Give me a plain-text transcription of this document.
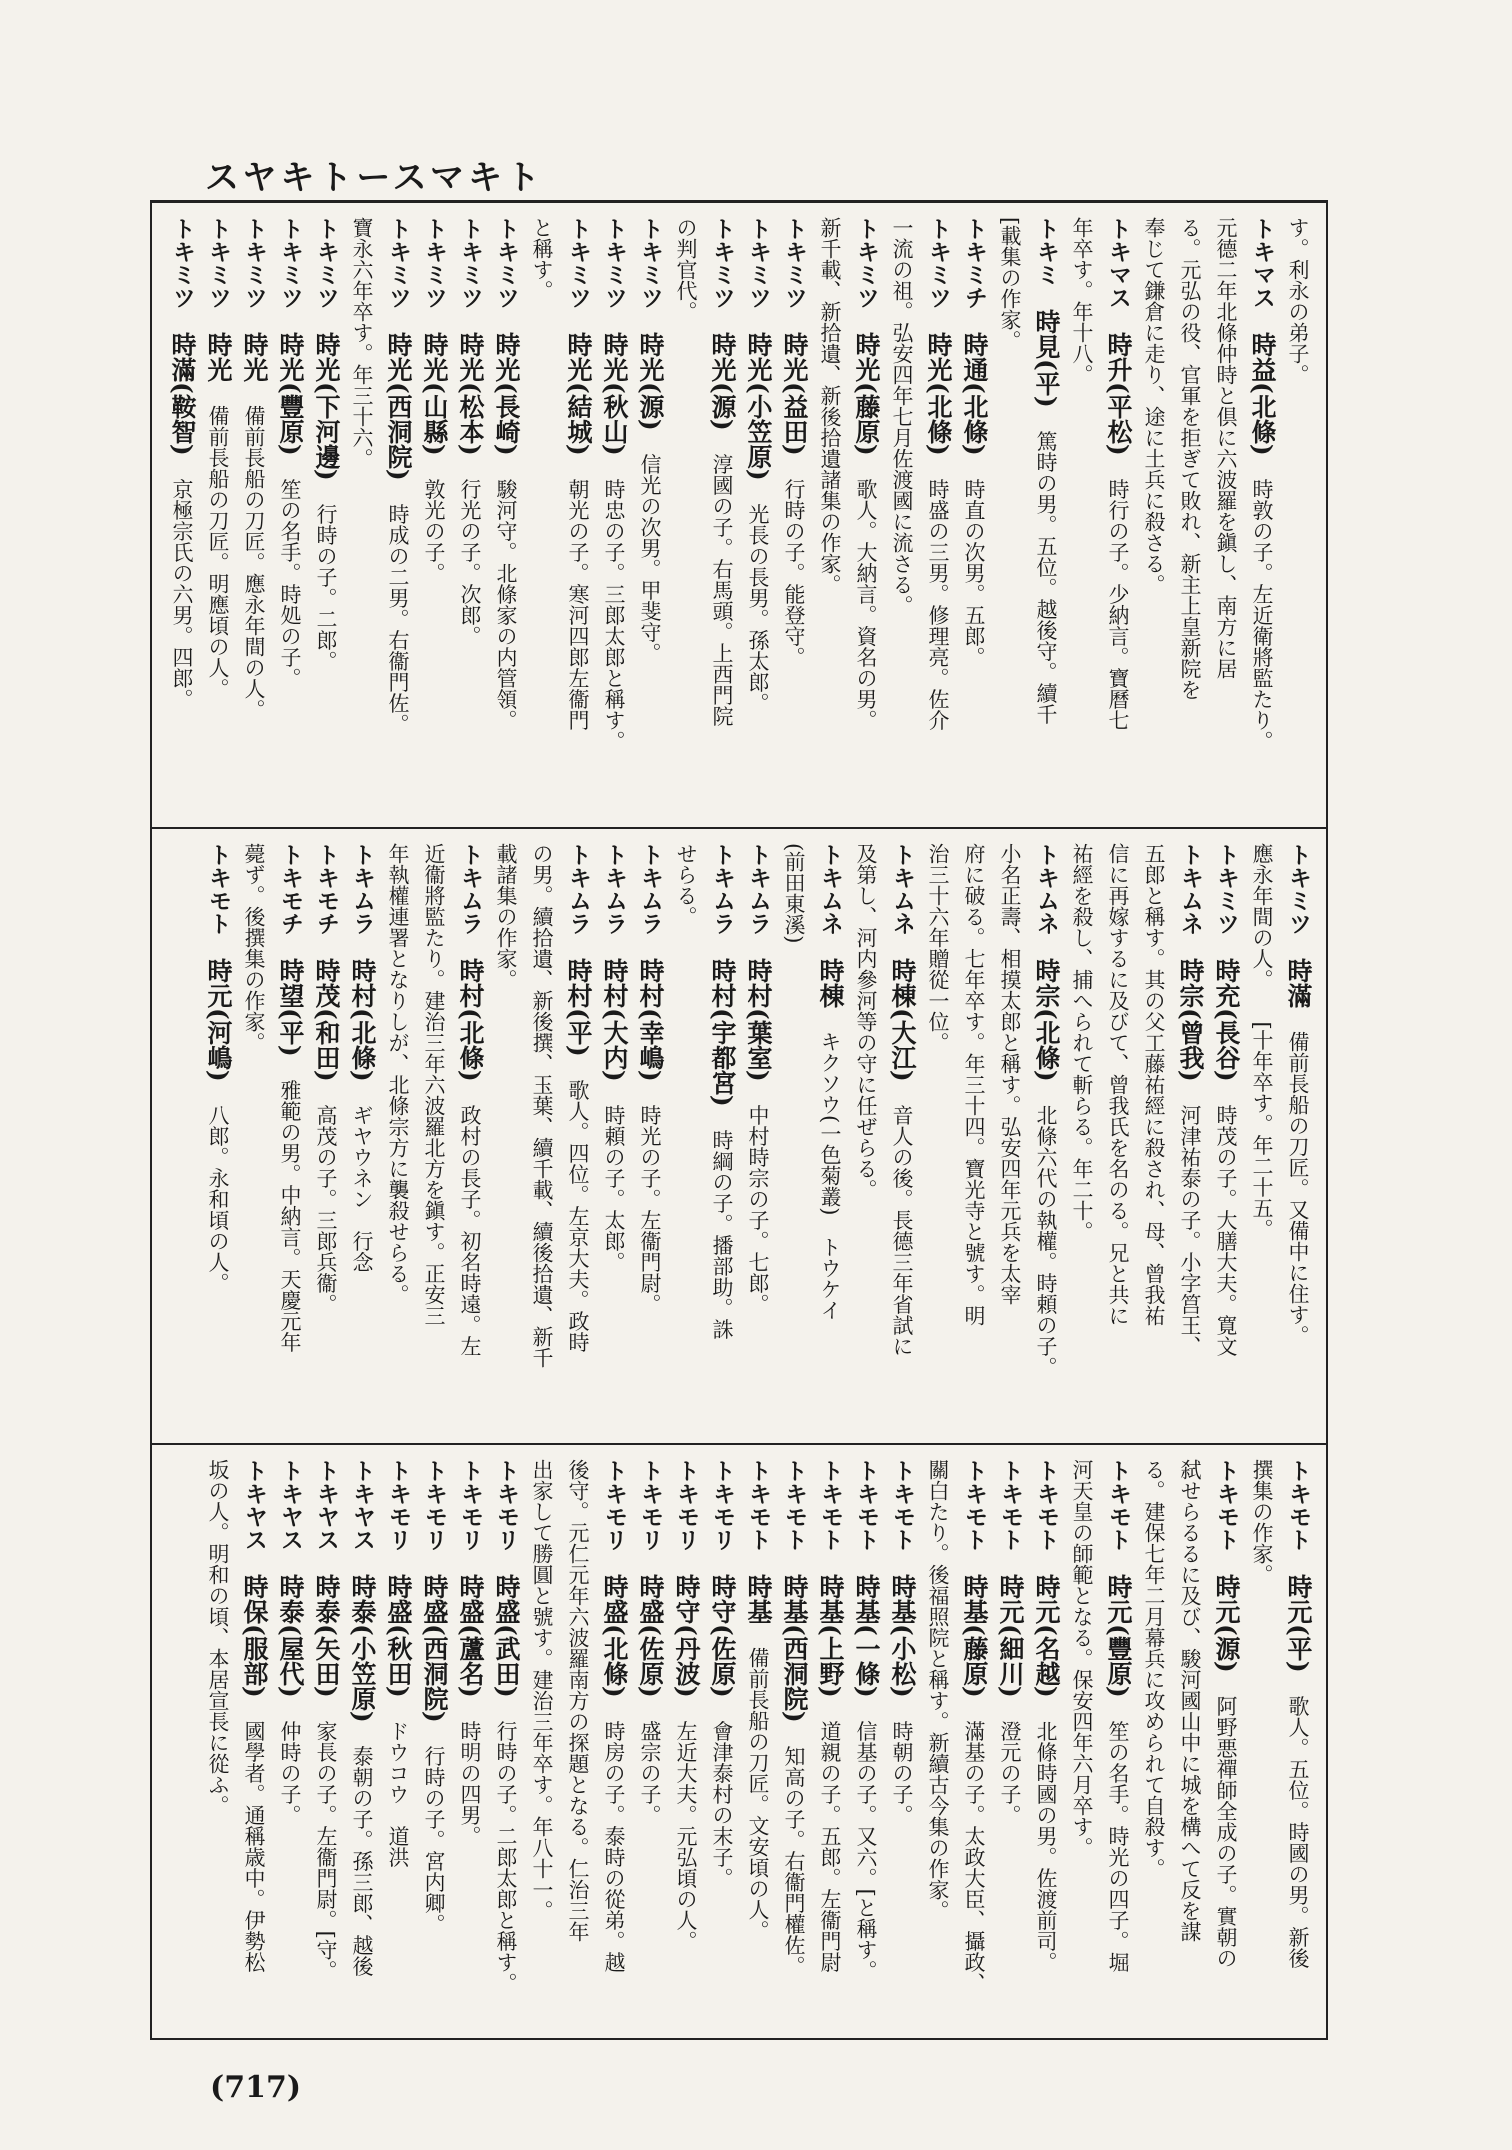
スヤキトースマキト
す。利永の弟子。
トキマス　時益(北條)　時敦の子。左近衛將監たり。
元德二年北條仲時と倶に六波羅を鎭し、南方に居
る。元弘の役、官軍を拒ぎて敗れ、新主上皇新院を
奉じて鎌倉に走り、途に土兵に殺さる。
トキマス　時升(平松)　時行の子。少納言。寶曆七
年卒す。年十八。
トキミ　時見(平)　篤時の男。五位。越後守。續千
[載集の作家。
トキミチ　時通(北條)　時直の次男。五郎。
トキミツ　時光(北條)　時盛の三男。修理亮。佐介
一流の祖。弘安四年七月佐渡國に流さる。
トキミツ　時光(藤原)　歌人。大納言。資名の男。
新千載、新拾遺、新後拾遺諸集の作家。
トキミツ　時光(益田)　行時の子。能登守。
トキミツ　時光(小笠原)　光長の長男。孫太郎。
トキミツ　時光(源)　淳國の子。右馬頭。上西門院
の判官代。
トキミツ　時光(源)　信光の次男。甲斐守。
トキミツ　時光(秋山)　時忠の子。三郎太郎と稱す。
トキミツ　時光(結城)　朝光の子。寒河四郎左衞門
と稱す。
トキミツ　時光(長崎)　駿河守。北條家の内管領。
トキミツ　時光(松本)　行光の子。次郎。
トキミツ　時光(山縣)　敦光の子。
トキミツ　時光(西洞院)　時成の二男。右衞門佐。
寶永六年卒す。年三十六。
トキミツ　時光(下河邊)　行時の子。二郎。
トキミツ　時光(豐原)　笙の名手。時処の子。
トキミツ　時光　備前長船の刀匠。應永年間の人。
トキミツ　時光　備前長船の刀匠。明應頃の人。
トキミツ　時滿(鞍智)　京極宗氏の六男。四郎。
トキミツ　時滿　備前長船の刀匠。又備中に住す。
應永年間の人。　　[十年卒す。年二十五。
トキミツ　時充(長谷)　時茂の子。大膳大夫。寛文
トキムネ　時宗(曾我)　河津祐泰の子。小字筥王、
五郎と稱す。其の父工藤祐經に殺され、母、曾我祐
信に再嫁するに及びて、曾我氏を名のる。兄と共に
祐經を殺し、捕へられて斬らる。年二十。
トキムネ　時宗(北條)　北條六代の執權。時頼の子。
小名正壽、相摸太郎と稱す。弘安四年元兵を太宰
府に破る。七年卒す。年三十四。寶光寺と號す。明
治三十六年贈從一位。
トキムネ　時棟(大江)　音人の後。長德三年省試に
及第し、河内參河等の守に任ぜらる。
トキムネ　時棟　キクソウ(一色菊叢)　トウケイ
(前田東溪)
トキムラ　時村(葉室)　中村時宗の子。七郎。
トキムラ　時村(宇都宮)　時綱の子。播部助。誅
せらる。
トキムラ　時村(幸嶋)　時光の子。左衞門尉。
トキムラ　時村(大内)　時頼の子。太郎。
トキムラ　時村(平)　歌人。四位。左京大夫。政時
の男。續拾遺、新後撰、玉葉、續千載、續後拾遺、新千
載諸集の作家。
トキムラ　時村(北條)　政村の長子。初名時遠。左
近衞將監たり。建治三年六波羅北方を鎭す。正安三
年執權連署となりしが、北條宗方に襲殺せらる。
トキムラ　時村(北條)　ギヤウネン　行念
トキモチ　時茂(和田)　高茂の子。三郎兵衞。
トキモチ　時望(平)　雅範の男。中納言。天慶元年
薨ず。後撰集の作家。
トキモト　時元(河嶋)　八郎。永和頃の人。
トキモト　時元(平)　歌人。五位。時國の男。新後
撰集の作家。
トキモト　時元(源)　阿野悪禪師全成の子。實朝の
弑せらるるに及び、駿河國山中に城を構へて反を謀
る。建保七年二月幕兵に攻められて自殺す。
トキモト　時元(豐原)　笙の名手。時光の四子。堀
河天皇の師範となる。保安四年六月卒す。
トキモト　時元(名越)　北條時國の男。佐渡前司。
トキモト　時元(細川)　澄元の子。
トキモト　時基(藤原)　滿基の子。太政大臣、攝政、
關白たり。後福照院と稱す。新續古今集の作家。
トキモト　時基(小松)　時朝の子。
トキモト　時基(一條)　信基の子。又六。[と稱す。
トキモト　時基(上野)　道親の子。五郎。左衞門尉
トキモト　時基(西洞院)　知高の子。右衞門權佐。
トキモト　時基　備前長船の刀匠。文安頃の人。
トキモリ　時守(佐原)　會津泰村の末子。
トキモリ　時守(丹波)　左近大夫。元弘頃の人。
トキモリ　時盛(佐原)　盛宗の子。
トキモリ　時盛(北條)　時房の子。泰時の從弟。越
後守。元仁元年六波羅南方の探題となる。仁治三年
出家して勝圓と號す。建治三年卒す。年八十一。
トキモリ　時盛(武田)　行時の子。二郎太郎と稱す。
トキモリ　時盛(蘆名)　時明の四男。
トキモリ　時盛(西洞院)　行時の子。宮内卿。
トキモリ　時盛(秋田)　ドウコウ　道洪
トキヤス　時泰(小笠原)　泰朝の子。孫三郎、越後
トキヤス　時泰(矢田)　家長の子。左衞門尉。[守。
トキヤス　時泰(屋代)　仲時の子。
トキヤス　時保(服部)　國學者。通稱歳中。伊勢松
坂の人。明和の頃、本居宣長に從ふ。
(717)
